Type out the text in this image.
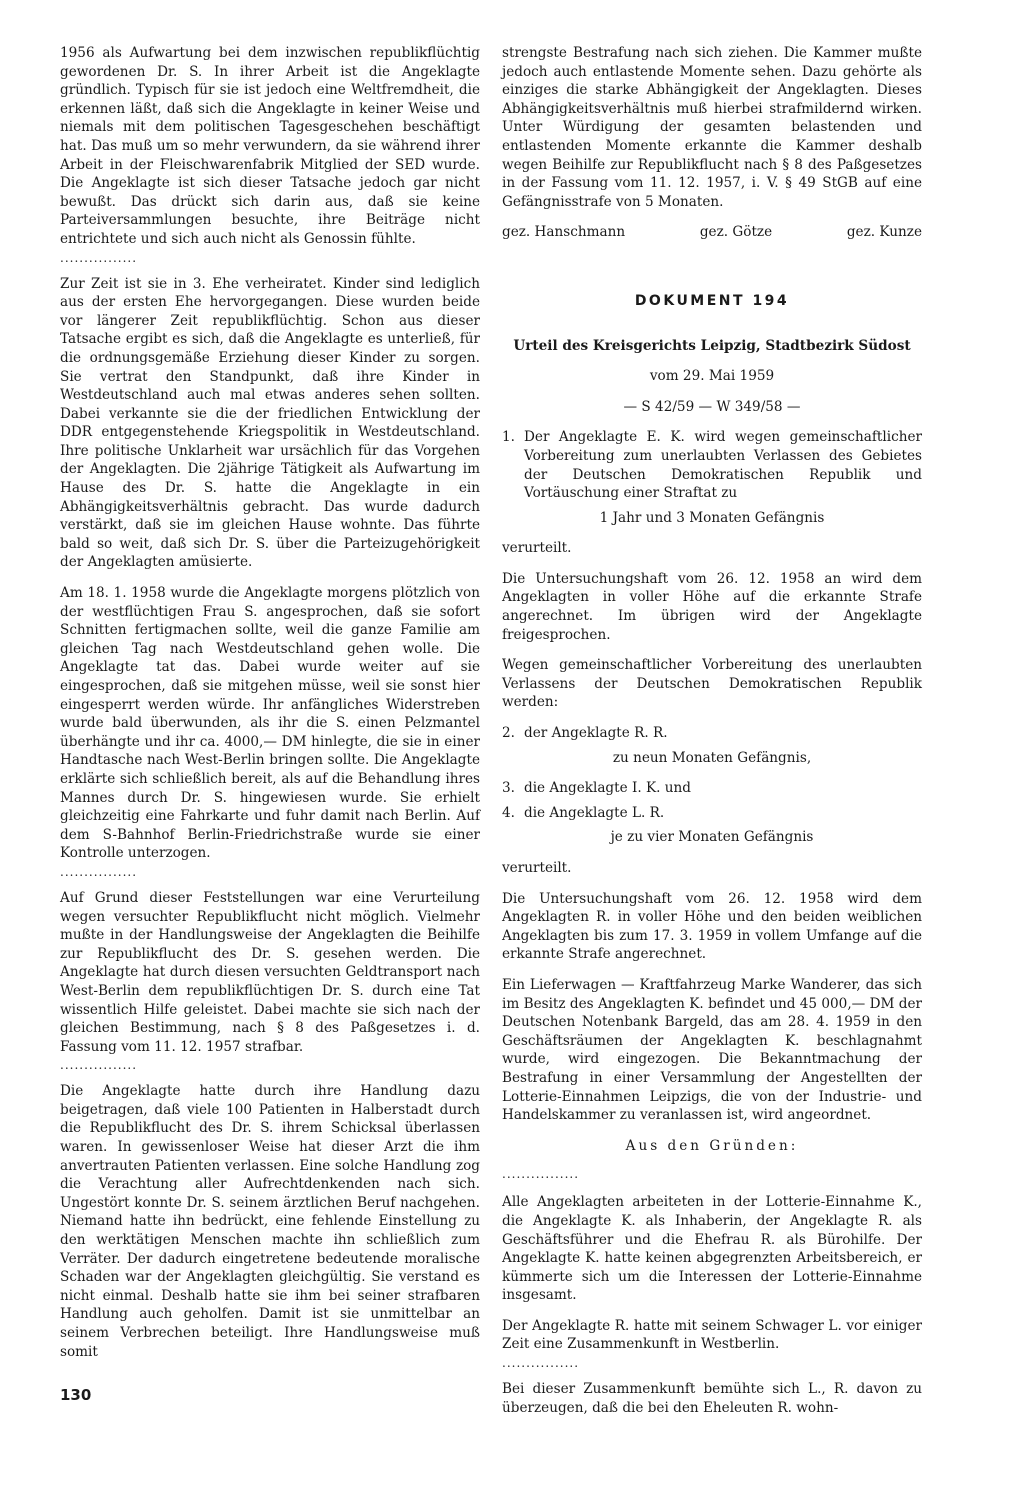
1956 als Aufwartung bei dem inzwischen republikflüchtig gewordenen Dr. S. In ihrer Arbeit ist die Angeklagte gründlich. Typisch für sie ist jedoch eine Weltfremdheit, die erkennen läßt, daß sich die Angeklagte in keiner Weise und niemals mit dem politischen Tagesgeschehen beschäftigt hat. Das muß um so mehr verwundern, da sie während ihrer Arbeit in der Fleischwarenfabrik Mitglied der SED wurde. Die Angeklagte ist sich dieser Tatsache jedoch gar nicht bewußt. Das drückt sich darin aus, daß sie keine Parteiversammlungen besuchte, ihre Beiträge nicht entrichtete und sich auch nicht als Genossin fühlte.

................

Zur Zeit ist sie in 3. Ehe verheiratet. Kinder sind lediglich aus der ersten Ehe hervorgegangen. Diese wurden beide vor längerer Zeit republikflüchtig. Schon aus dieser Tatsache ergibt es sich, daß die Angeklagte es unterließ, für die ordnungsgemäße Erziehung dieser Kinder zu sorgen. Sie vertrat den Standpunkt, daß ihre Kinder in Westdeutschland auch mal etwas anderes sehen sollten. Dabei verkannte sie die der friedlichen Entwicklung der DDR entgegenstehende Kriegspolitik in Westdeutschland. Ihre politische Unklarheit war ursächlich für das Vorgehen der Angeklagten. Die 2jährige Tätigkeit als Aufwartung im Hause des Dr. S. hatte die Angeklagte in ein Abhängigkeitsverhältnis gebracht. Das wurde dadurch verstärkt, daß sie im gleichen Hause wohnte. Das führte bald so weit, daß sich Dr. S. über die Parteizugehörigkeit der Angeklagten amüsierte.

Am 18. 1. 1958 wurde die Angeklagte morgens plötzlich von der westflüchtigen Frau S. angesprochen, daß sie sofort Schnitten fertigmachen sollte, weil die ganze Familie am gleichen Tag nach Westdeutschland gehen wolle. Die Angeklagte tat das. Dabei wurde weiter auf sie eingesprochen, daß sie mitgehen müsse, weil sie sonst hier eingesperrt werden würde. Ihr anfängliches Widerstreben wurde bald überwunden, als ihr die S. einen Pelzmantel überhängte und ihr ca. 4000,— DM hinlegte, die sie in einer Handtasche nach West-Berlin bringen sollte. Die Angeklagte erklärte sich schließlich bereit, als auf die Behandlung ihres Mannes durch Dr. S. hingewiesen wurde. Sie erhielt gleichzeitig eine Fahrkarte und fuhr damit nach Berlin. Auf dem S-Bahnhof Berlin-Friedrichstraße wurde sie einer Kontrolle unterzogen.

................

Auf Grund dieser Feststellungen war eine Verurteilung wegen versuchter Republikflucht nicht möglich. Vielmehr mußte in der Handlungsweise der Angeklagten die Beihilfe zur Republikflucht des Dr. S. gesehen werden. Die Angeklagte hat durch diesen versuchten Geldtransport nach West-Berlin dem republikflüchtigen Dr. S. durch eine Tat wissentlich Hilfe geleistet. Dabei machte sie sich nach der gleichen Bestimmung, nach § 8 des Paßgesetzes i. d. Fassung vom 11. 12. 1957 strafbar.

................

Die Angeklagte hatte durch ihre Handlung dazu beigetragen, daß viele 100 Patienten in Halberstadt durch die Republikflucht des Dr. S. ihrem Schicksal überlassen waren. In gewissenloser Weise hat dieser Arzt die ihm anvertrauten Patienten verlassen. Eine solche Handlung zog die Verachtung aller Aufrechtdenkenden nach sich. Ungestört konnte Dr. S. seinem ärztlichen Beruf nachgehen. Niemand hatte ihn bedrückt, eine fehlende Einstellung zu den werktätigen Menschen machte ihn schließlich zum Verräter. Der dadurch eingetretene bedeutende moralische Schaden war der Angeklagten gleichgültig. Sie verstand es nicht einmal. Deshalb hatte sie ihm bei seiner strafbaren Handlung auch geholfen. Damit ist sie unmittelbar an seinem Verbrechen beteiligt. Ihre Handlungsweise muß somit

strengste Bestrafung nach sich ziehen. Die Kammer mußte jedoch auch entlastende Momente sehen. Dazu gehörte als einziges die starke Abhängigkeit der Angeklagten. Dieses Abhängigkeitsverhältnis muß hierbei strafmildernd wirken. Unter Würdigung der gesamten belastenden und entlastenden Momente erkannte die Kammer deshalb wegen Beihilfe zur Republikflucht nach § 8 des Paßgesetzes in der Fassung vom 11. 12. 1957, i. V. § 49 StGB auf eine Gefängnisstrafe von 5 Monaten.

gez. Hanschmann	gez. Götze	gez. Kunze
DOKUMENT 194

Urteil des Kreisgerichts Leipzig, Stadtbezirk Südost

vom 29. Mai 1959

— S 42/59 — W 349/58 —

1. Der Angeklagte E. K. wird wegen gemeinschaftlicher Vorbereitung zum unerlaubten Verlassen des Gebietes der Deutschen Demokratischen Republik und Vortäuschung einer Straftat zu

1 Jahr und 3 Monaten Gefängnis

verurteilt.

Die Untersuchungshaft vom 26. 12. 1958 an wird dem Angeklagten in voller Höhe auf die erkannte Strafe angerechnet. Im übrigen wird der Angeklagte freigesprochen.

Wegen gemeinschaftlicher Vorbereitung des unerlaubten Verlassens der Deutschen Demokratischen Republik werden:

2. der Angeklagte R. R.

zu neun Monaten Gefängnis,

3. die Angeklagte I. K. und
4. die Angeklagte L. R.

je zu vier Monaten Gefängnis

verurteilt.

Die Untersuchungshaft vom 26. 12. 1958 wird dem Angeklagten R. in voller Höhe und den beiden weiblichen Angeklagten bis zum 17. 3. 1959 in vollem Umfange auf die erkannte Strafe angerechnet.

Ein Lieferwagen — Kraftfahrzeug Marke Wanderer, das sich im Besitz des Angeklagten K. befindet und 45 000,— DM der Deutschen Notenbank Bargeld, das am 28. 4. 1959 in den Geschäftsräumen der Angeklagten K. beschlagnahmt wurde, wird eingezogen. Die Bekanntmachung der Bestrafung in einer Versammlung der Angestellten der Lotterie-Einnahmen Leipzigs, die von der Industrie- und Handelskammer zu veranlassen ist, wird angeordnet.

Aus den Gründen:

................

Alle Angeklagten arbeiteten in der Lotterie-Einnahme K., die Angeklagte K. als Inhaberin, der Angeklagte R. als Geschäftsführer und die Ehefrau R. als Bürohilfe. Der Angeklagte K. hatte keinen abgegrenzten Arbeitsbereich, er kümmerte sich um die Interessen der Lotterie-Einnahme insgesamt.

Der Angeklagte R. hatte mit seinem Schwager L. vor einiger Zeit eine Zusammenkunft in Westberlin.

................

Bei dieser Zusammenkunft bemühte sich L., R. davon zu überzeugen, daß die bei den Eheleuten R. wohn-

130
